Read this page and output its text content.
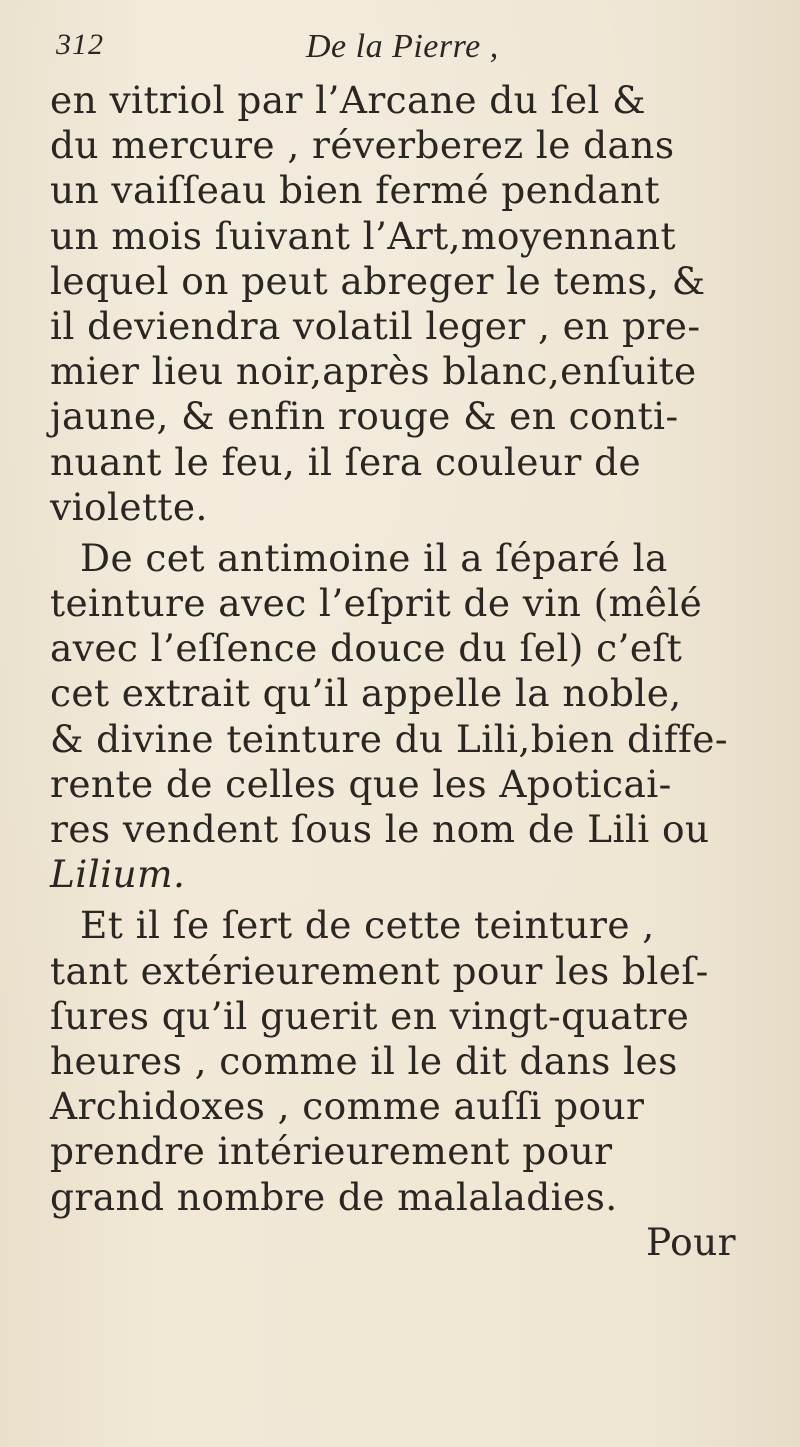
312	De la Pierre ,
en vitriol par l’Arcane du ſel &
du mercure , réverberez le dans
un vaiſſeau bien fermé pendant
un mois ſuivant l’Art,moyennant
lequel on peut abreger le tems, &
il deviendra volatil leger , en pre-
mier lieu noir,après blanc,enſuite
jaune, & enfin rouge & en conti-
nuant le feu, il ſera couleur de
violette.
De cet antimoine il a ſéparé la
teinture avec l’eſprit de vin (mêlé
avec l’eſſence douce du ſel) c’eſt
cet extrait qu’il appelle la noble,
& divine teinture du Lili,bien diffe-
rente de celles que les Apoticai-
res vendent ſous le nom de Lili ou
Lilium.
Et il ſe ſert de cette teinture ,
tant extérieurement pour les bleſ-
ſures qu’il guerit en vingt-quatre
heures , comme il le dit dans les
Archidoxes , comme auſſi pour
prendre intérieurement pour
grand nombre de malaladies.
Pour
